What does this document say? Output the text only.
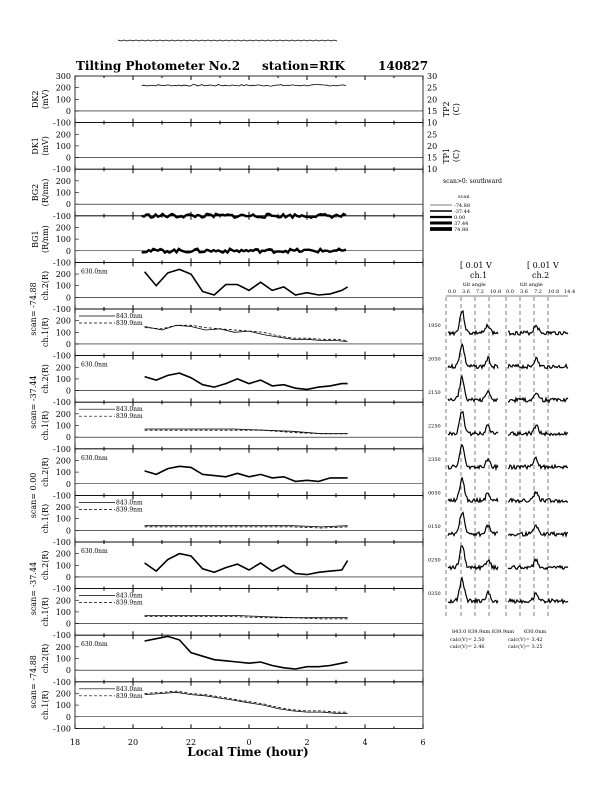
Tilting Photometer No.2 station=RIK	140827
Local Time (hour)
-100
0
100
200
300
10
15
20
25
30
-100
0
100
200
10
15
20
25
-100
0
100
200
-100
0
100
200
-100
0
100
200 630.0nm
-100
0
100
200
843.0nm
839.9nm
-100
0
100
200 630.0nm
-100
0
100
200
843.0nm
839.9nm
-100
0
100
200 630.0nm
-100
0
100
200
843.0nm
839.9nm
-100
0
100
200 630.0nm
-100
0
100
200
843.0nm
839.9nm
-100
0
100
200 630.0nm
-100
0
100
200
843.0nm
839.9nm
DK2 (mV)
DK1 (mV)
BG2 (R/nm)
BG1 (R/nm)
TP2 (C)
TP1 (C)
scan= -74.88 ch.2(R)
ch.1(R)
scan= -37.44 ch.2(R)
ch.1(R)
scan= 0.00
ch.2(R)
ch.1(R)
scan= -37.44 ch.2(R)
ch.1(R)
scan= -74.88 ch.2(R)
ch.1(R)
18	20	22	0	2	4	6
scan>0: southward
scan
-74.88
-37.44
0.00
37.44
74.88
[ 0.01 V	[ 0.01 V
ch.1	ch.2
tilt angle	tilt angle
0.0 3.6 7.2 10.8 0.0 3.6 7.2 10.8 14.4
1950
2050
2150
2250
2350
0050
0150
0250
0350
843.0 839.9nm 839.9nm 630.0nm
calc(V)= 2.50
calc(V)= 2.46
calc(V)= 3.42
calc(V)= 3.25
